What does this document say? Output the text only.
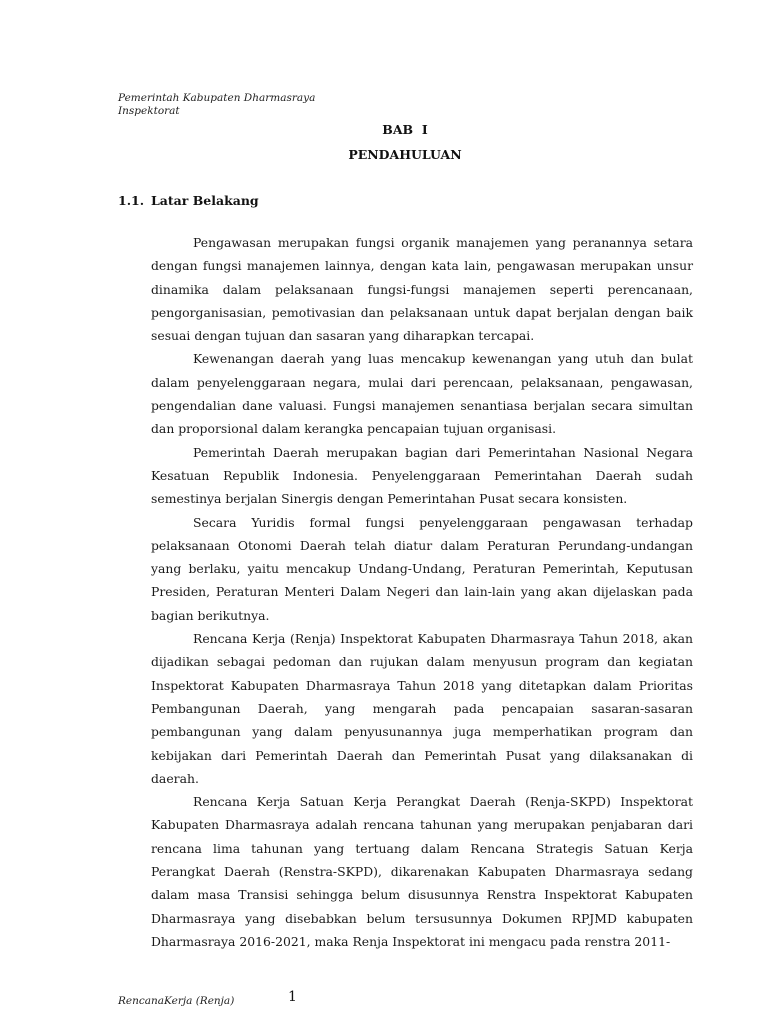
Pemerintah Kabupaten Dharmasraya
Inspektorat
BAB  I
PENDAHULUAN
1.1. Latar Belakang

Pengawasan merupakan fungsi organik manajemen yang peranannya setara dengan fungsi manajemen lainnya, dengan kata lain, pengawasan merupakan unsur dinamika dalam pelaksanaan fungsi-fungsi manajemen seperti perencanaan, pengorganisasian, pemotivasian dan pelaksanaan untuk dapat berjalan dengan baik sesuai dengan tujuan dan sasaran yang diharapkan tercapai.

Kewenangan daerah yang luas mencakup kewenangan yang utuh dan bulat dalam penyelenggaraan negara, mulai dari perencaan, pelaksanaan, pengawasan, pengendalian dane valuasi. Fungsi manajemen senantiasa berjalan secara simultan dan proporsional dalam kerangka pencapaian tujuan organisasi.

Pemerintah Daerah merupakan bagian dari Pemerintahan Nasional Negara Kesatuan Republik Indonesia. Penyelenggaraan Pemerintahan Daerah sudah semestinya berjalan Sinergis dengan Pemerintahan Pusat secara konsisten.

Secara Yuridis formal fungsi penyelenggaraan pengawasan terhadap pelaksanaan Otonomi Daerah telah diatur dalam Peraturan Perundang-undangan yang berlaku, yaitu mencakup Undang-Undang, Peraturan Pemerintah, Keputusan Presiden, Peraturan Menteri Dalam Negeri dan lain-lain yang akan dijelaskan pada bagian berikutnya.

Rencana Kerja (Renja) Inspektorat Kabupaten Dharmasraya Tahun 2018, akan dijadikan sebagai pedoman dan rujukan dalam menyusun program dan kegiatan Inspektorat Kabupaten Dharmasraya Tahun 2018 yang ditetapkan dalam Prioritas Pembangunan Daerah, yang mengarah pada pencapaian sasaran-sasaran pembangunan yang dalam penyusunannya juga memperhatikan program dan kebijakan dari Pemerintah Daerah dan Pemerintah Pusat yang dilaksanakan di daerah.

Rencana Kerja Satuan Kerja Perangkat Daerah (Renja-SKPD) Inspektorat Kabupaten Dharmasraya adalah rencana tahunan yang merupakan penjabaran dari rencana lima tahunan yang tertuang dalam Rencana Strategis Satuan Kerja Perangkat Daerah (Renstra-SKPD), dikarenakan Kabupaten Dharmasraya sedang dalam masa Transisi sehingga belum disusunnya Renstra Inspektorat Kabupaten Dharmasraya yang disebabkan belum tersusunnya Dokumen RPJMD kabupaten Dharmasraya 2016-2021, maka Renja Inspektorat ini mengacu pada renstra 2011-

RencanaKerja (Renja)	1
